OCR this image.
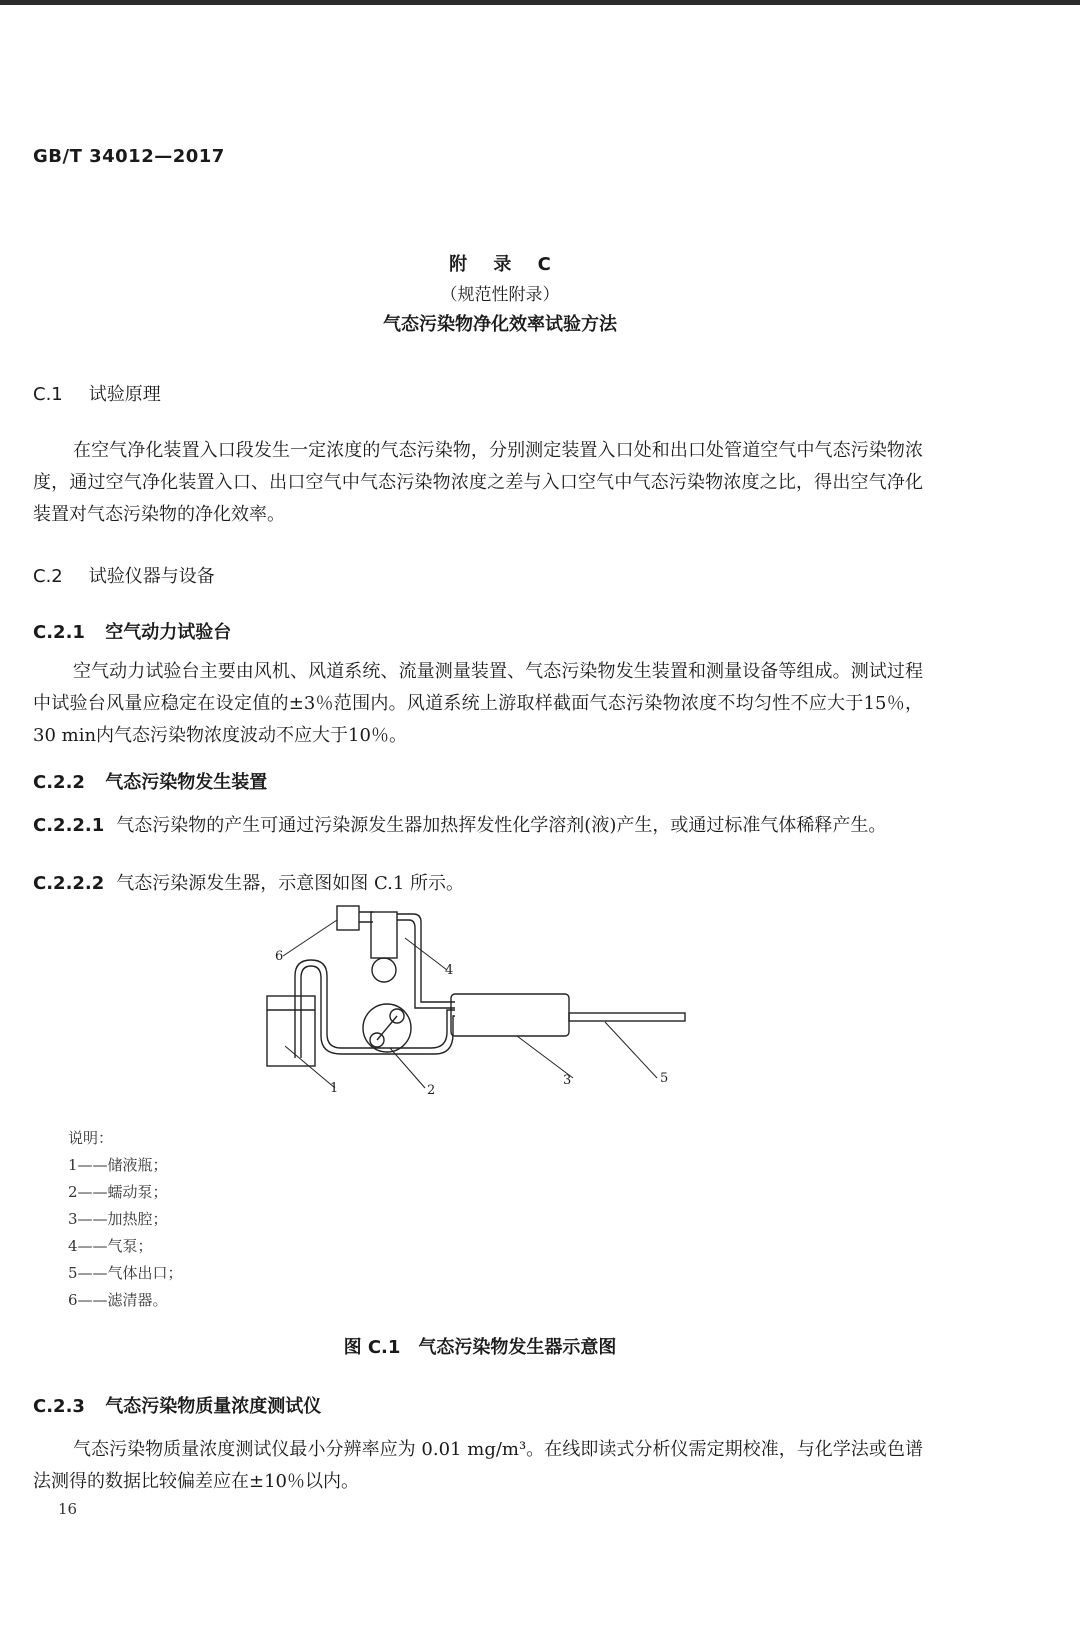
GB/T 34012—2017
附 录 C
（规范性附录）
气态污染物净化效率试验方法
C.1 试验原理
在空气净化装置入口段发生一定浓度的气态污染物，分别测定装置入口处和出口处管道空气中气态污染物浓度，通过空气净化装置入口、出口空气中气态污染物浓度之差与入口空气中气态污染物浓度之比，得出空气净化装置对气态污染物的净化效率。
C.2 试验仪器与设备
C.2.1 空气动力试验台
空气动力试验台主要由风机、风道系统、流量测量装置、气态污染物发生装置和测量设备等组成。测试过程中试验台风量应稳定在设定值的±3％范围内。风道系统上游取样截面气态污染物浓度不均匀性不应大于15％，30 min内气态污染物浓度波动不应大于10％。
C.2.2 气态污染物发生装置
C.2.2.1 气态污染物的产生可通过污染源发生器加热挥发性化学溶剂(液)产生，或通过标准气体稀释产生。
C.2.2.2 气态污染源发生器，示意图如图 C.1 所示。
6
4
1	2
3	5
说明：
1——储液瓶；
2——蠕动泵；
3——加热腔；
4——气泵；
5——气体出口；
6——滤清器。
图 C.1 气态污染物发生器示意图
C.2.3 气态污染物质量浓度测试仪
气态污染物质量浓度测试仪最小分辨率应为 0.01 mg/m³。在线即读式分析仪需定期校准，与化学法或色谱法测得的数据比较偏差应在±10％以内。
16
